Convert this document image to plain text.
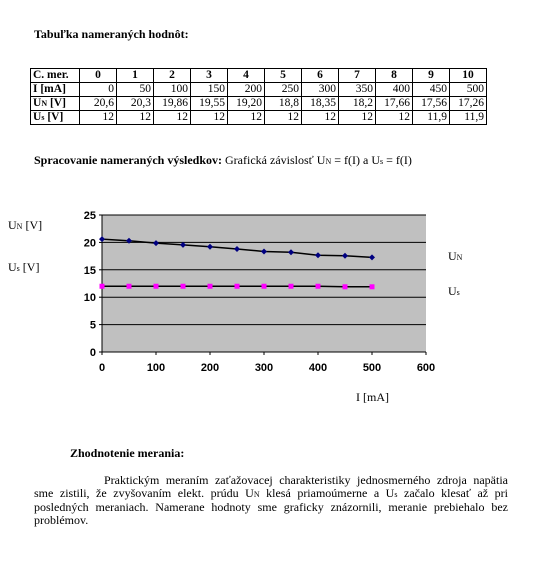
Tabuľka nameraných hodnôt:
C. mer.	0	1	2	3	4	5	6	7	8	9	10
I [mA]	0	50	100	150	200	250	300	350	400	450	500
UN [V]	20,6	20,3	19,86	19,55	19,20	18,8	18,35	18,2	17,66	17,56	17,26
Us [V]	12	12	12	12	12	12	12	12	12	11,9	11,9
Spracovanie nameraných výsledkov: Grafická závislosť UN = f(I) a Us = f(I)
UN [V]
Us [V]
0
5
10
15
20
25
0	100	200	300	400	500	600
UN
Us
I [mA]
Zhodnotenie merania:
Praktickým meraním zaťažovacej charakteristiky jednosmerného zdroja napätia sme zistili, že zvyšovaním elekt. prúdu UN klesá priamoúmerne a Us začalo klesať až pri posledných meraniach. Namerane hodnoty sme graficky znázornili, meranie prebiehalo bez problémov.
